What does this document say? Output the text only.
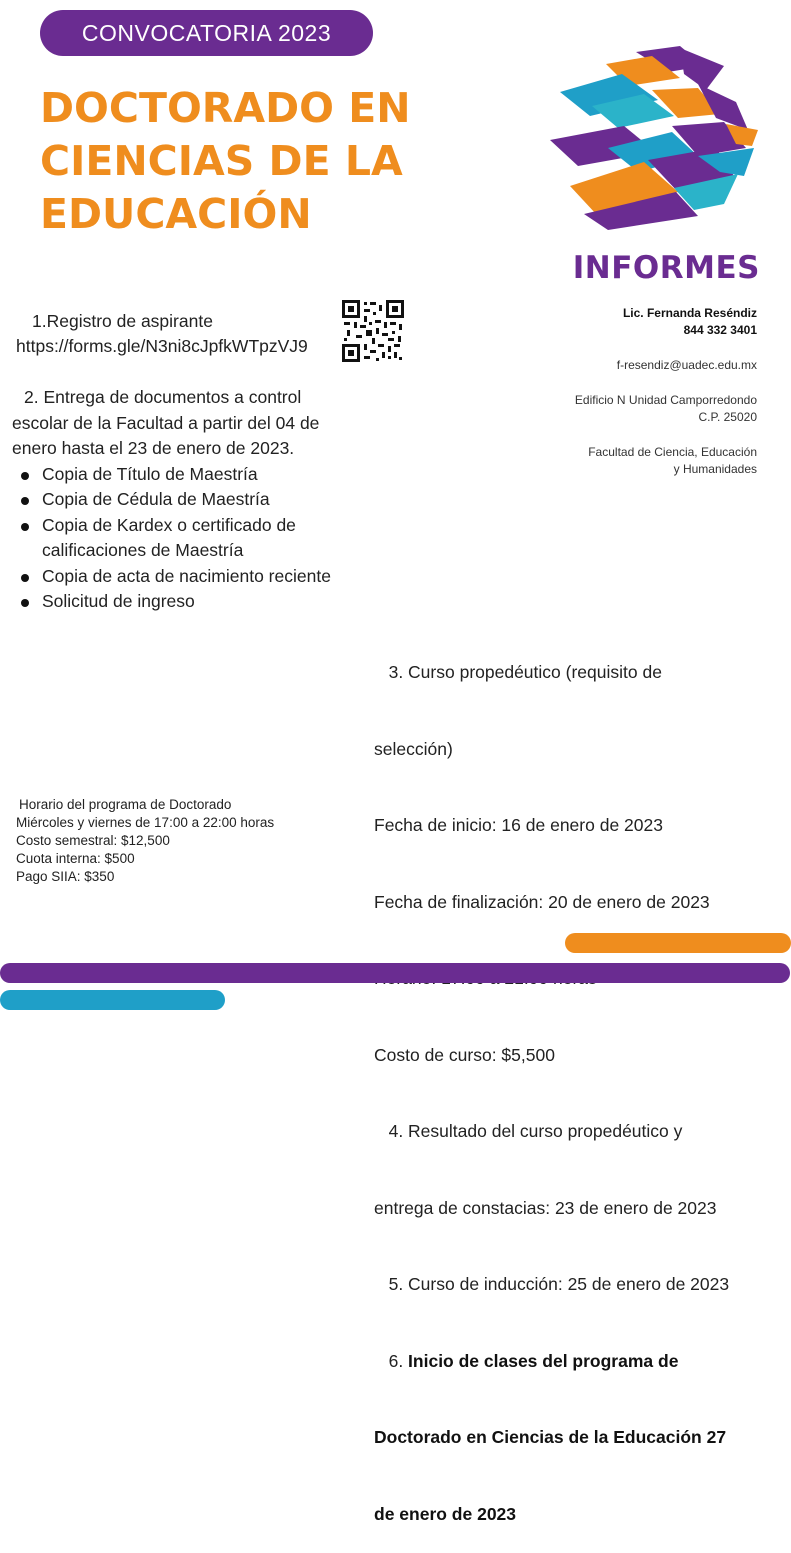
CONVOCATORIA 2023
DOCTORADO EN
CIENCIAS DE LA
EDUCACIÓN
INFORMES
Lic. Fernanda Reséndiz
844 332 3401
f-resendiz@uadec.edu.mx
Edificio N Unidad Camporredondo
C.P. 25020
Facultad de Ciencia, Educación
y Humanidades
1.Registro de aspirante
https://forms.gle/N3ni8cJpfkWTpzVJ9
2. Entrega de documentos a control
escolar de la Facultad a partir del 04 de
enero hasta el 23 de enero de 2023.
Copia de Título de Maestría
Copia de Cédula de Maestría
Copia de Kardex o certificado de calificaciones de Maestría
Copia de acta de nacimiento reciente
Solicitud de ingreso
Horario del programa de Doctorado
Miércoles y viernes de 17:00 a 22:00 horas
Costo semestral: $12,500
Cuota interna: $500
Pago SIIA: $350

3. Curso propedéutico (requisito de

selección)

Fecha de inicio: 16 de enero de 2023

Fecha de finalización: 20 de enero de 2023

Costo de curso: $5,500

4. Resultado del curso propedéutico y

entrega de constacias: 23 de enero de 2023

5. Curso de inducción: 25 de enero de 2023

6. Inicio de clases del programa de

Doctorado en Ciencias de la Educación 27

de enero de 2023
